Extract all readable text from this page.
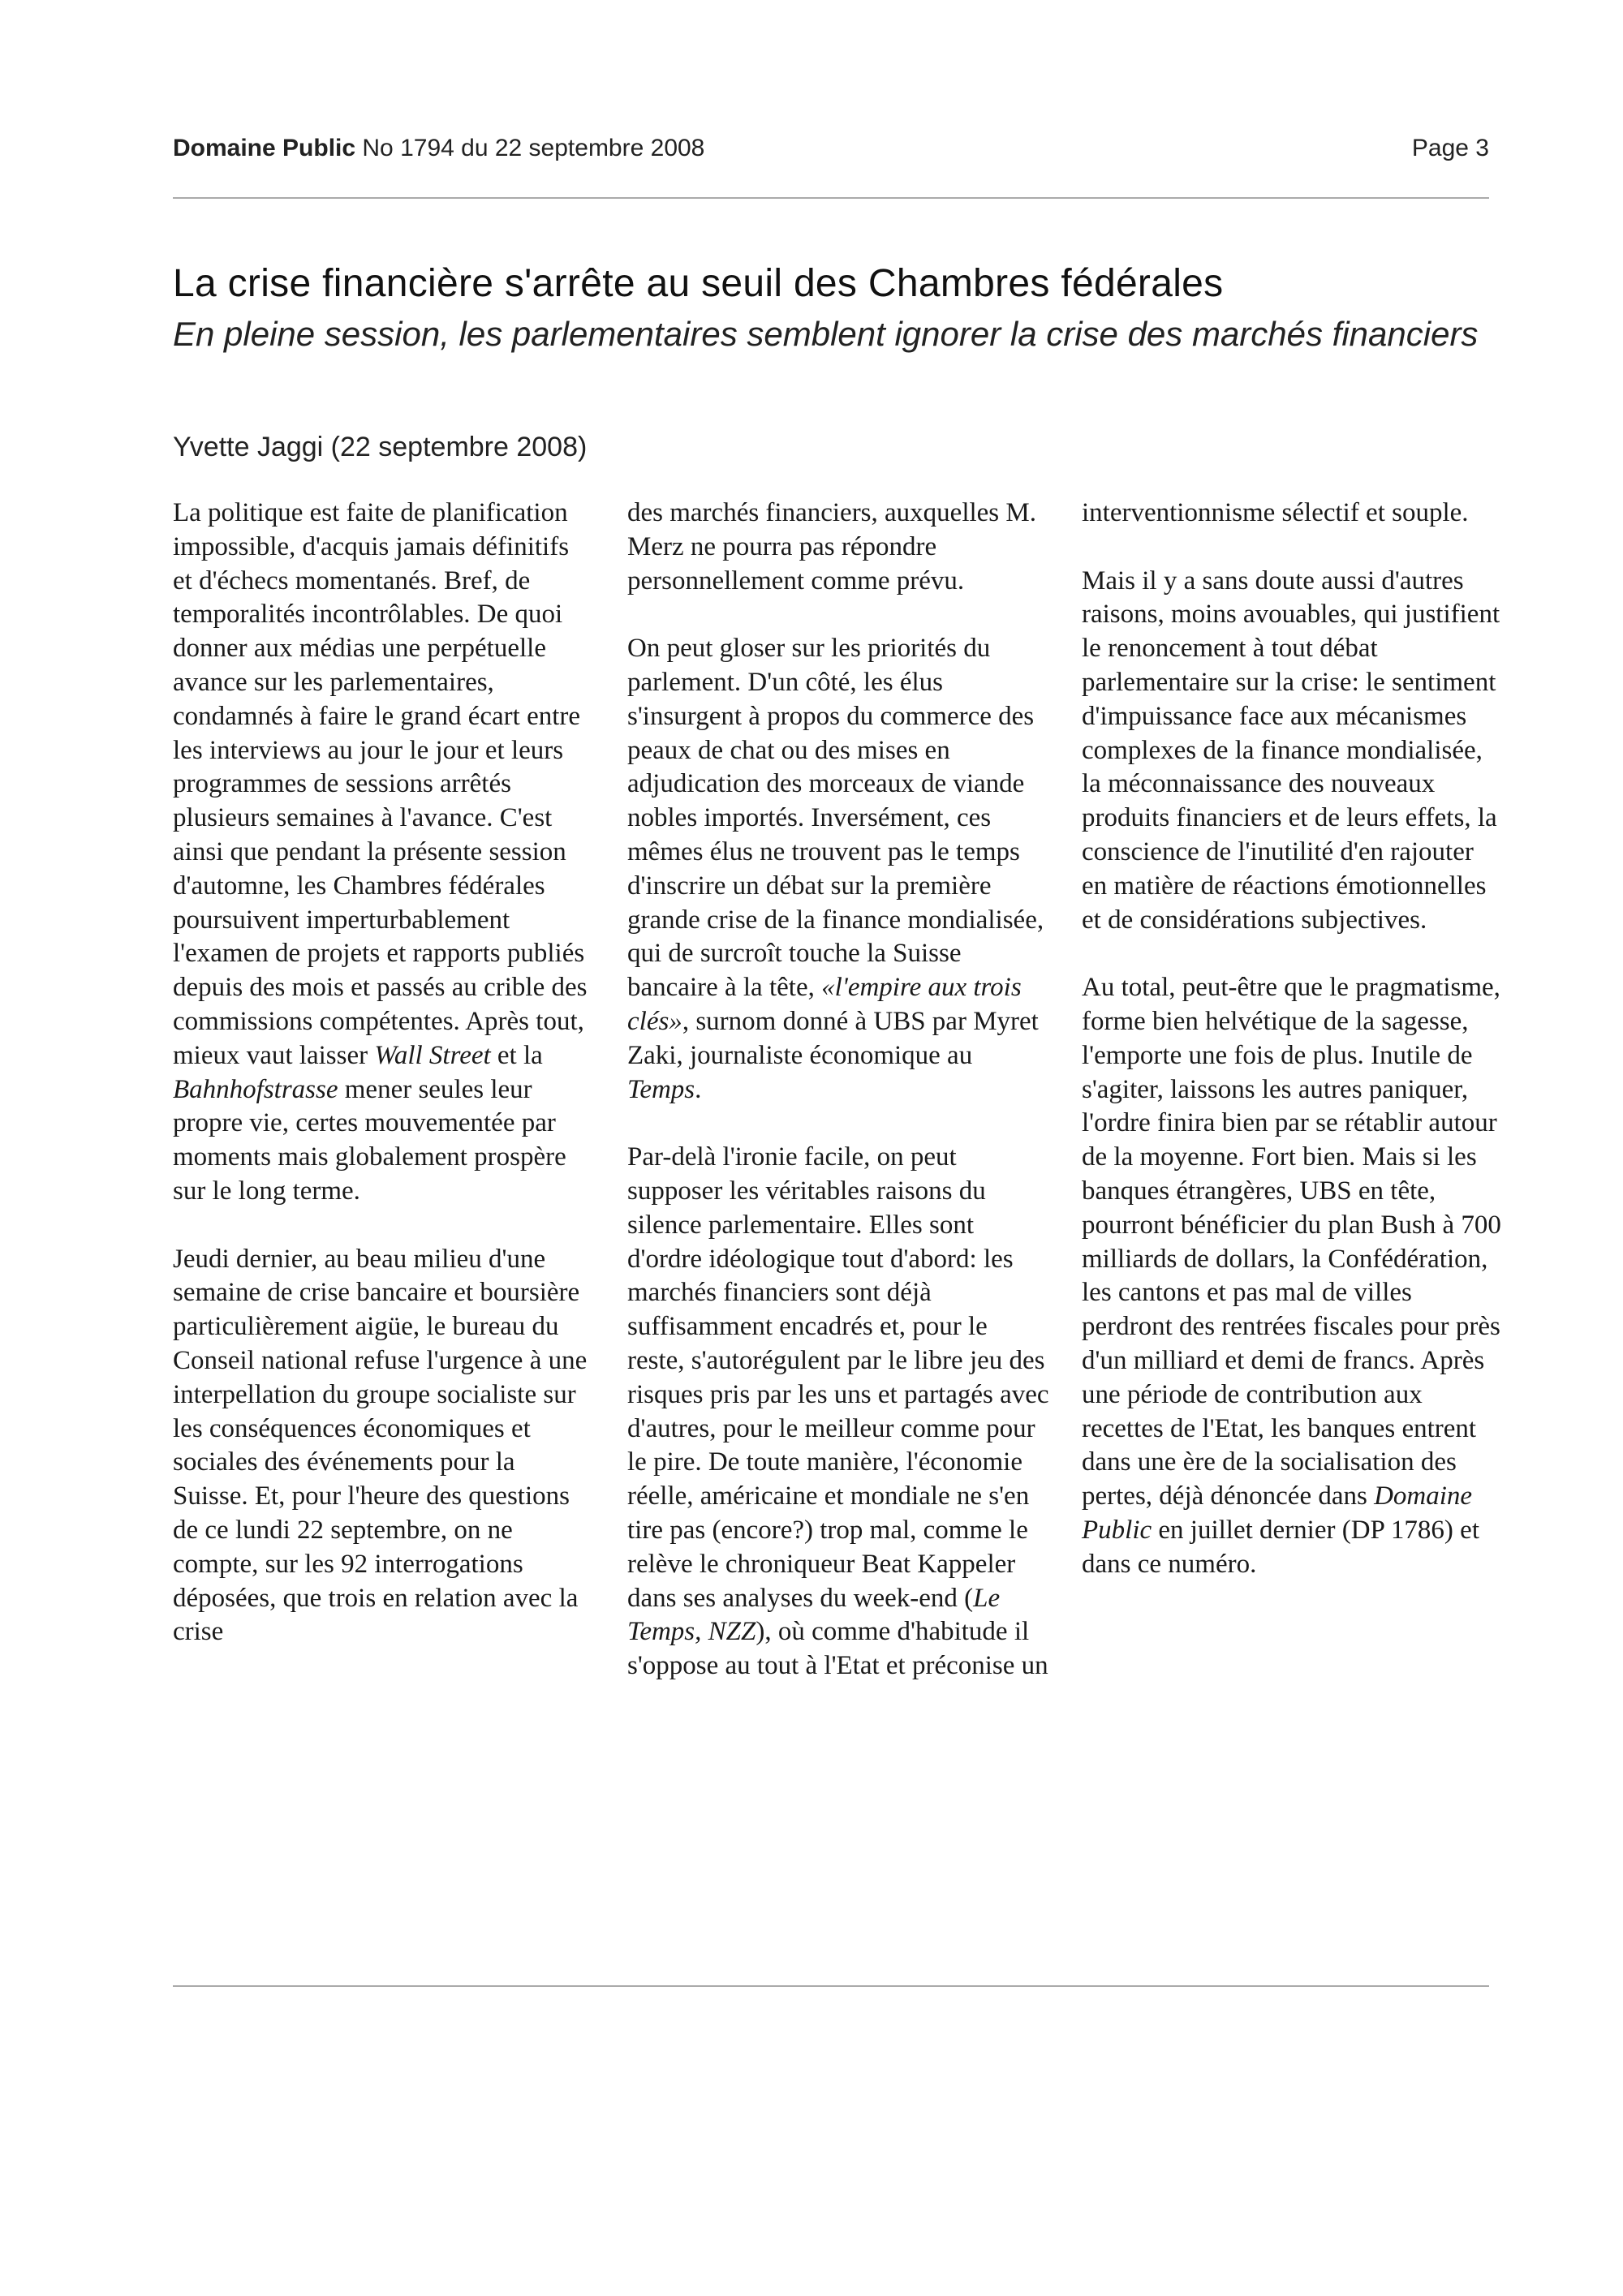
Domaine Public No 1794 du 22 septembre 2008	Page 3
La crise financière s'arrête au seuil des Chambres fédérales

En pleine session, les parlementaires semblent ignorer la crise des marchés financiers

Yvette Jaggi (22 septembre 2008)

La politique est faite de planification impossible, d'acquis jamais définitifs et d'échecs momentanés. Bref, de temporalités incontrôlables. De quoi donner aux médias une perpétuelle avance sur les parlementaires, condamnés à faire le grand écart entre les interviews au jour le jour et leurs programmes de sessions arrêtés plusieurs semaines à l'avance. C'est ainsi que pendant la présente session d'automne, les Chambres fédérales poursuivent imperturbablement l'examen de projets et rapports publiés depuis des mois et passés au crible des commissions compétentes. Après tout, mieux vaut laisser Wall Street et la Bahnhofstrasse mener seules leur propre vie, certes mouvementée par moments mais globalement prospère sur le long terme.

Jeudi dernier, au beau milieu d'une semaine de crise bancaire et boursière particulièrement aigüe, le bureau du Conseil national refuse l'urgence à une interpellation du groupe socialiste sur les conséquences économiques et sociales des événements pour la Suisse. Et, pour l'heure des questions de ce lundi 22 septembre, on ne compte, sur les 92 interrogations déposées, que trois en relation avec la crise

des marchés financiers, auxquelles M. Merz ne pourra pas répondre personnellement comme prévu.

On peut gloser sur les priorités du parlement. D'un côté, les élus s'insurgent à propos du commerce des peaux de chat ou des mises en adjudication des morceaux de viande nobles importés. Inversément, ces mêmes élus ne trouvent pas le temps d'inscrire un débat sur la première grande crise de la finance mondialisée, qui de surcroît touche la Suisse bancaire à la tête, «l'empire aux trois clés», surnom donné à UBS par Myret Zaki, journaliste économique au Temps.

Par-delà l'ironie facile, on peut supposer les véritables raisons du silence parlementaire. Elles sont d'ordre idéologique tout d'abord: les marchés financiers sont déjà suffisamment encadrés et, pour le reste, s'autorégulent par le libre jeu des risques pris par les uns et partagés avec d'autres, pour le meilleur comme pour le pire. De toute manière, l'économie réelle, américaine et mondiale ne s'en tire pas (encore?) trop mal, comme le relève le chroniqueur Beat Kappeler dans ses analyses du week-end (Le Temps, NZZ), où comme d'habitude il s'oppose au tout à l'Etat et préconise un

interventionnisme sélectif et souple.

Mais il y a sans doute aussi d'autres raisons, moins avouables, qui justifient le renoncement à tout débat parlementaire sur la crise: le sentiment d'impuissance face aux mécanismes complexes de la finance mondialisée, la méconnaissance des nouveaux produits financiers et de leurs effets, la conscience de l'inutilité d'en rajouter en matière de réactions émotionnelles et de considérations subjectives.

Au total, peut-être que le pragmatisme, forme bien helvétique de la sagesse, l'emporte une fois de plus. Inutile de s'agiter, laissons les autres paniquer, l'ordre finira bien par se rétablir autour de la moyenne. Fort bien. Mais si les banques étrangères, UBS en tête, pourront bénéficier du plan Bush à 700 milliards de dollars, la Confédération, les cantons et pas mal de villes perdront des rentrées fiscales pour près d'un milliard et demi de francs. Après une période de contribution aux recettes de l'Etat, les banques entrent dans une ère de la socialisation des pertes, déjà dénoncée dans Domaine Public en juillet dernier (DP 1786) et dans ce numéro.
